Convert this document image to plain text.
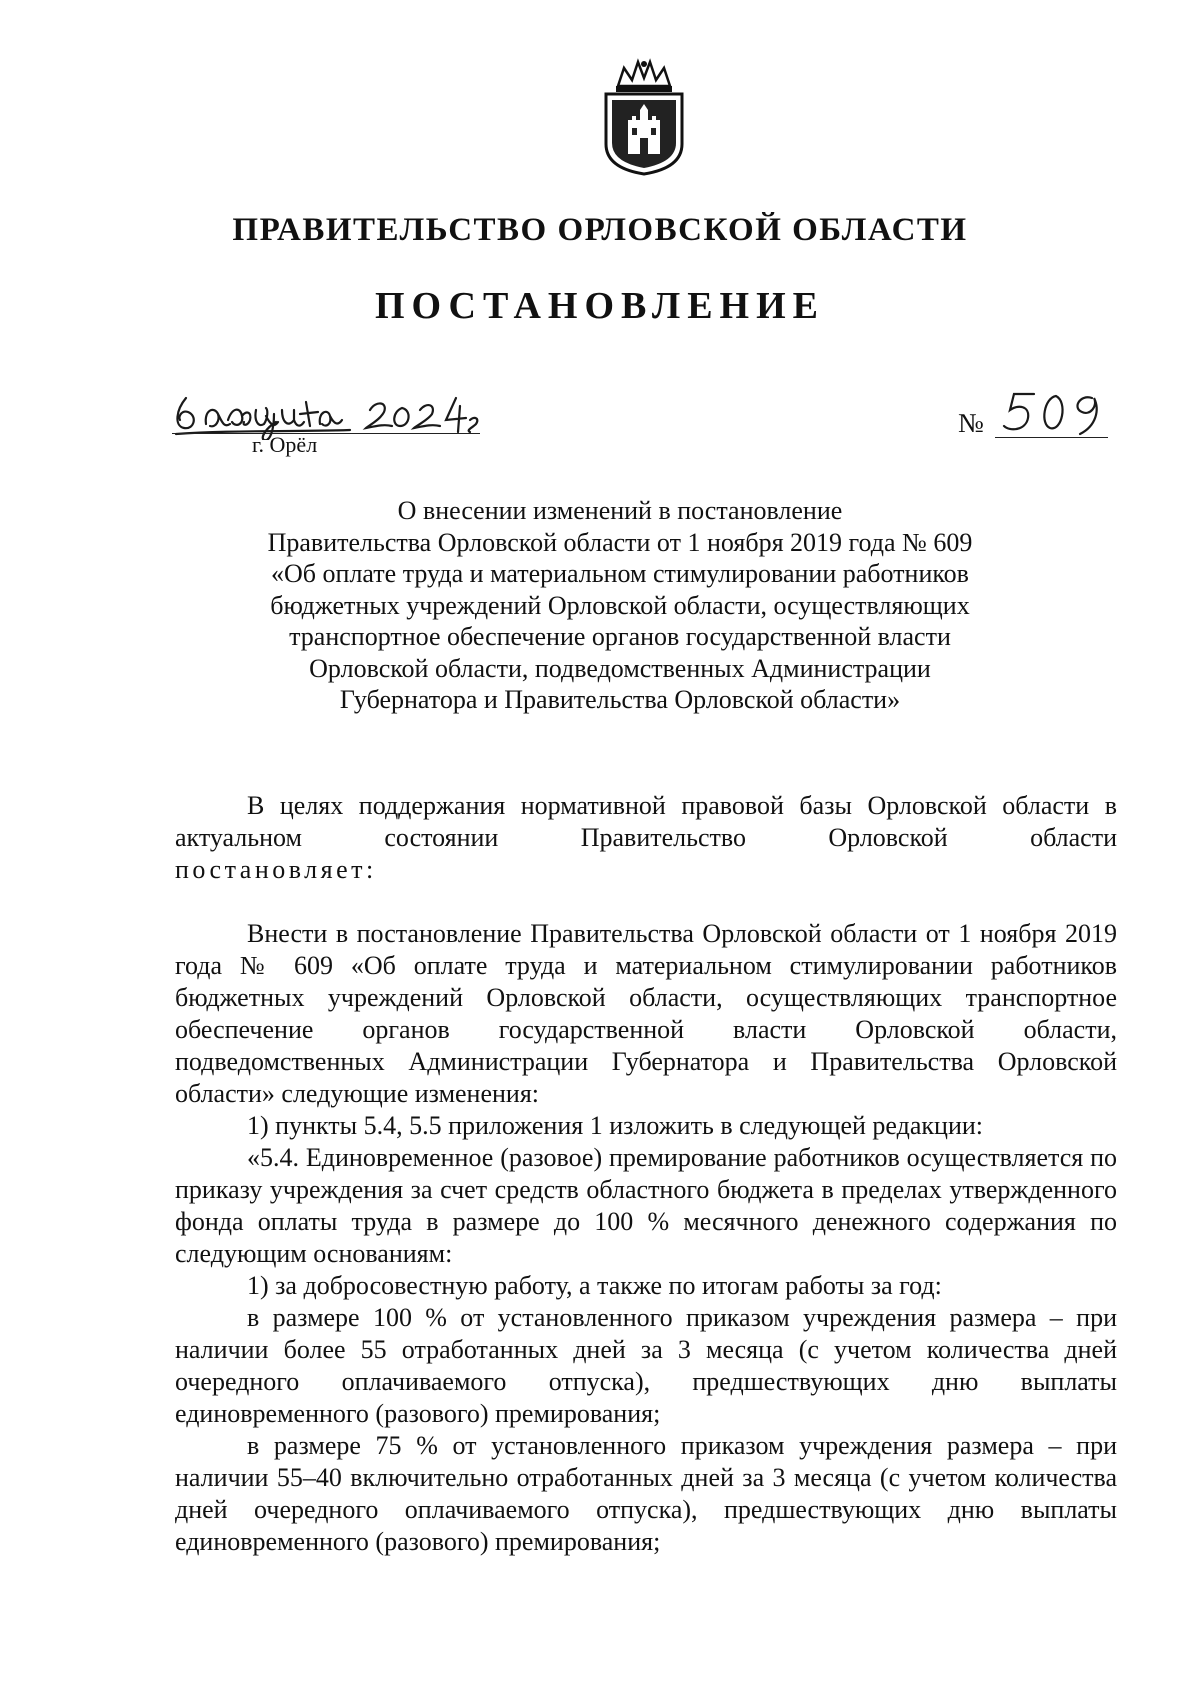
ПРАВИТЕЛЬСТВО ОРЛОВСКОЙ ОБЛАСТИ
ПОСТАНОВЛЕНИЕ
г. Орёл
№
О внесении изменений в постановление
Правительства Орловской области от 1 ноября 2019 года № 609
«Об оплате труда и материальном стимулировании работников
бюджетных учреждений Орловской области, осуществляющих
транспортное обеспечение органов государственной власти
Орловской области, подведомственных Администрации
Губернатора и Правительства Орловской области»

В целях поддержания нормативной правовой базы Орловской области в актуальном состоянии Правительство Орловской области

постановляет:

Внести в постановление Правительства Орловской области от 1 ноября 2019 года № 609 «Об оплате труда и материальном стимулировании работников бюджетных учреждений Орловской области, осуществляющих транспортное обеспечение органов государственной власти Орловской области, подведомственных Администрации Губернатора и Правительства Орловской области» следующие изменения:

1) пункты 5.4, 5.5 приложения 1 изложить в следующей редакции:

«5.4. Единовременное (разовое) премирование работников осуществляется по приказу учреждения за счет средств областного бюджета в пределах утвержденного фонда оплаты труда в размере до 100 % месячного денежного содержания по следующим основаниям:

1) за добросовестную работу, а также по итогам работы за год:

в размере 100 % от установленного приказом учреждения размера – при наличии более 55 отработанных дней за 3 месяца (с учетом количества дней очередного оплачиваемого отпуска), предшествующих дню выплаты единовременного (разового) премирования;

в размере 75 % от установленного приказом учреждения размера – при наличии 55–40 включительно отработанных дней за 3 месяца (с учетом количества дней очередного оплачиваемого отпуска), предшествующих дню выплаты единовременного (разового) премирования;
